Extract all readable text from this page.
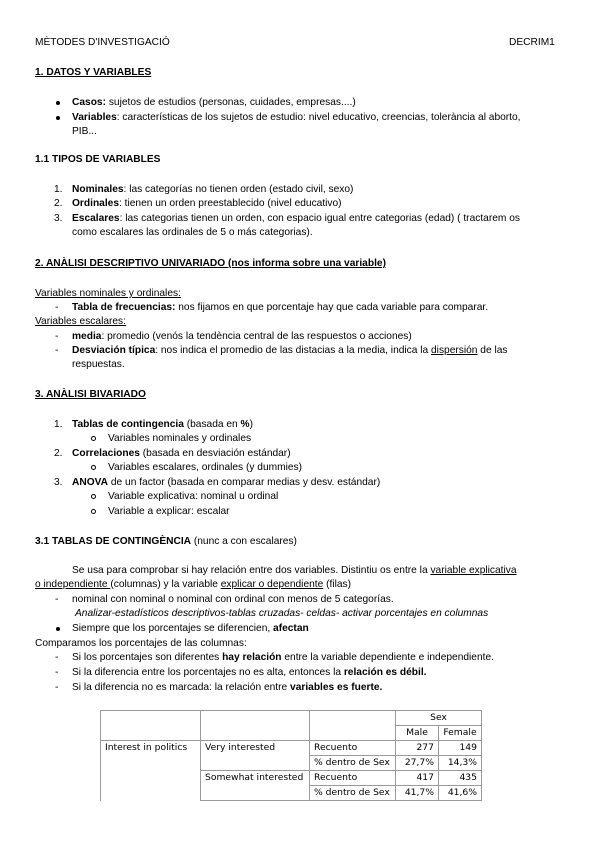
MÈTODES D'INVESTIGACIÓ	DECRIM1
1. DATOS Y VARIABLES
Casos: sujetos de estudios (personas, cuidades, empresas....)
Variables: características de los sujetos de estudio: nivel educativo, creencias, tolerància al aborto,
PIB...
1.1 TIPOS DE VARIABLES
1. Nominales: las categorías no tienen orden (estado civil, sexo)
2. Ordinales: tienen un orden preestablecido (nivel educativo)
3. Escalares: las categorias tienen un orden, con espacio igual entre categorias (edad) ( tractarem os
como escalares las ordinales de 5 o más categorias).
2. ANÀLISI DESCRIPTIVO UNIVARIADO (nos informa sobre una variable)
Variables nominales y ordinales:
- Tabla de frecuencias: nos fijamos en que porcentaje hay que cada variable para comparar.
Variables escalares:
- media: promedio (venós la tendència central de las respuestos o acciones)
- Desviación típica: nos indica el promedio de las distacias a la media, indica la dispersión de las
respuestas.
3. ANÀLISI BIVARIADO
1. Tablas de contingencia (basada en %)
Variables nominales y ordinales
2. Correlaciones (basada en desviación estándar)
Variables escalares, ordinales (y dummies)
3. ANOVA de un factor (basada en comparar medias y desv. estándar)
Variable explicativa: nominal u ordinal
Variable a explicar: escalar
3.1 TABLAS DE CONTINGÈNCIA (nunc a con escalares)
Se usa para comprobar si hay relación entre dos variables. Distintiu os entre la variable explicativa
o independiente (columnas) y la variable explicar o dependiente (filas)
- nominal con nominal o nominal con ordinal con menos de 5 categorías.
Analizar-estadísticos descriptivos-tablas cruzadas- celdas- activar porcentajes en columnas
Siempre que los porcentajes se diferencien, afectan
Comparamos los porcentajes de las columnas:
- Si los porcentajes son diferentes hay relación entre la variable dependiente e independiente.
- Si la diferencia entre los porcentajes no es alta, entonces la relación es débil.
- Si la diferencia no es marcada: la relación entre variables es fuerte.
			Sex	
			Male	Female
Interest in politics	Very interested	Recuento	277	149
		% dentro de Sex	27,7%	14,3%
	Somewhat interested	Recuento	417	435
		% dentro de Sex	41,7%	41,6%
